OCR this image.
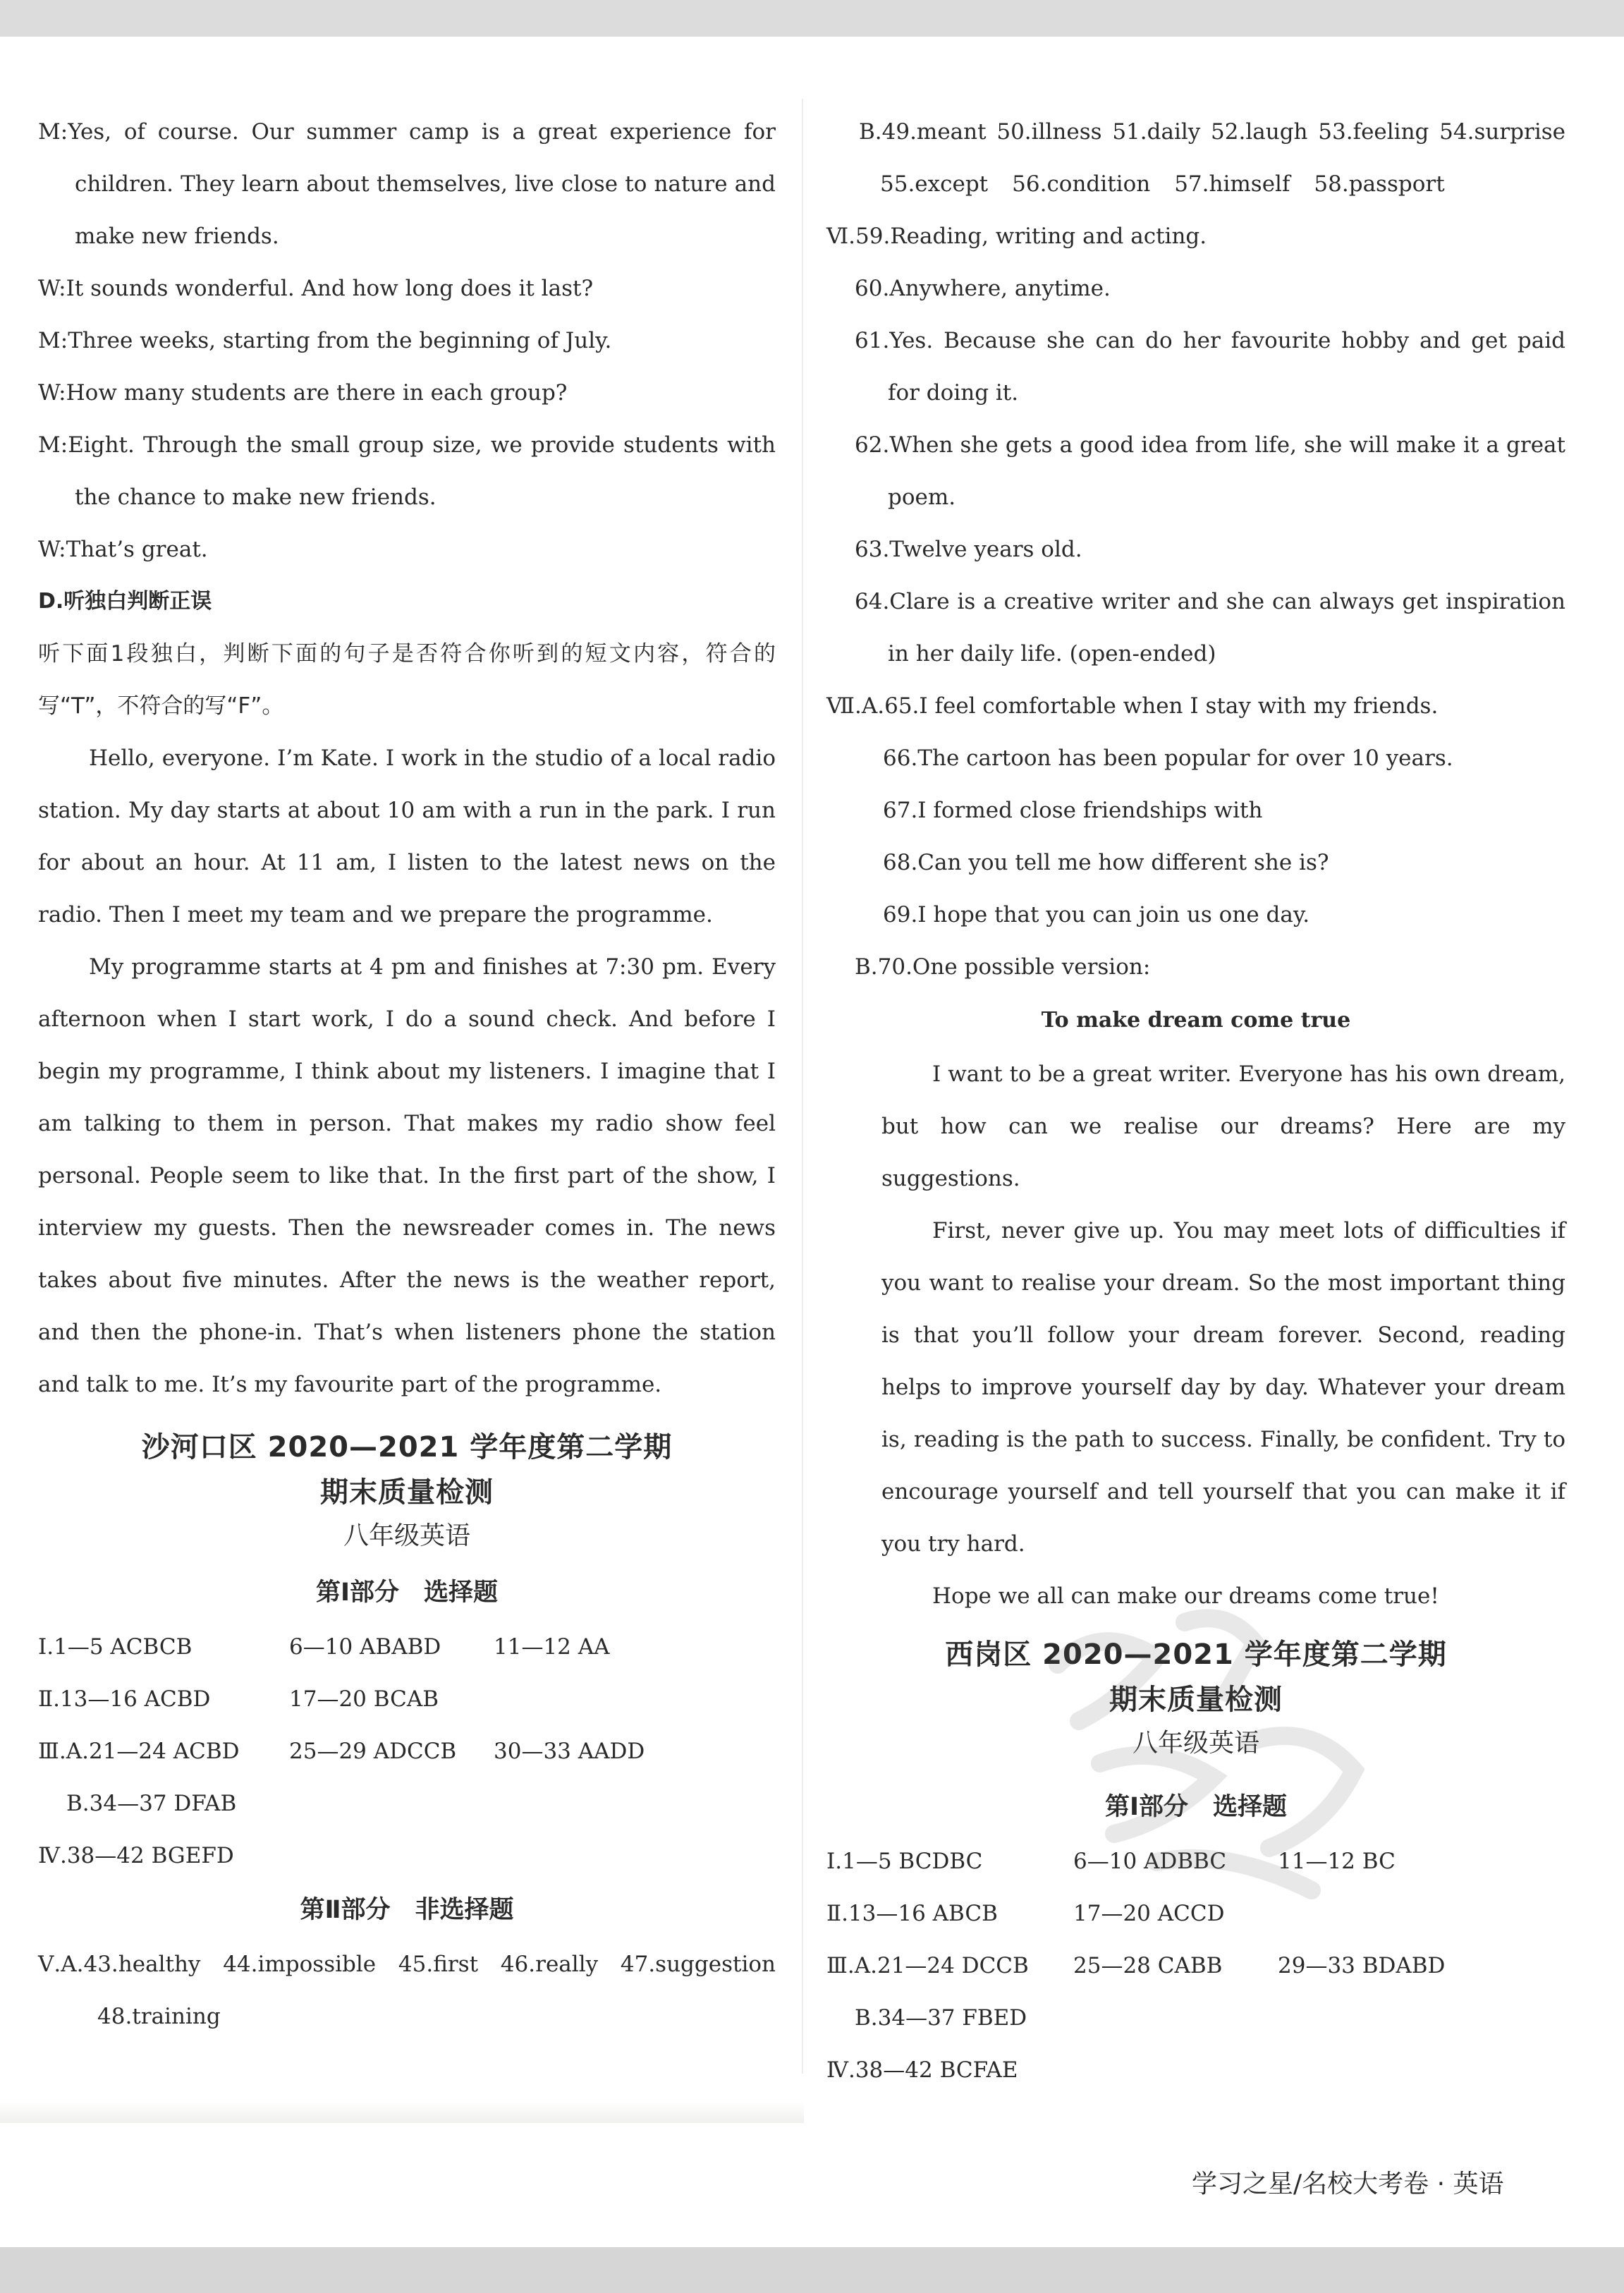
M:Yes, of course. Our summer camp is a great experience for children. They learn about themselves, live close to nature and make new friends.
W:It sounds wonderful. And how long does it last?
M:Three weeks, starting from the beginning of July.
W:How many students are there in each group?
M:Eight. Through the small group size, we provide students with the chance to make new friends.
W:That’s great.
D.听独白判断正误
听下面1段独白，判断下面的句子是否符合你听到的短文内容，符合的写“T”，不符合的写“F”。
Hello, everyone. I’m Kate. I work in the studio of a local radio station. My day starts at about 10 am with a run in the park. I run for about an hour. At 11 am, I listen to the latest news on the radio. Then I meet my team and we prepare the programme.
My programme starts at 4 pm and finishes at 7:30 pm. Every afternoon when I start work, I do a sound check. And before I begin my programme, I think about my listeners. I imagine that I am talking to them in person. That makes my radio show feel personal. People seem to like that. In the first part of the show, I interview my guests. Then the newsreader comes in. The news takes about five minutes. After the news is the weather report, and then the phone-in. That’s when listeners phone the station and talk to me. It’s my favourite part of the programme.
沙河口区 2020—2021 学年度第二学期
期末质量检测
八年级英语
第Ⅰ部分　选择题
Ⅰ.1—5 ACBCB	6—10 ABABD	11—12 AA
Ⅱ.13—16 ACBD	17—20 BCAB
Ⅲ.A.21—24 ACBD	25—29 ADCCB	30—33 AADD
B.34—37 DFAB
Ⅳ.38—42 BGEFD
第Ⅱ部分　非选择题
Ⅴ.A.43.healthy 44.impossible 45.first 46.really 47.suggestion
48.training
B.49.meant 50.illness 51.daily 52.laugh 53.feeling 54.surprise
55.except 56.condition 57.himself 58.passport
Ⅵ.59.Reading, writing and acting.
60.Anywhere, anytime.
61.Yes. Because she can do her favourite hobby and get paid for doing it.
62.When she gets a good idea from life, she will make it a great poem.
63.Twelve years old.
64.Clare is a creative writer and she can always get inspiration in her daily life. (open-ended)
Ⅶ.A.65.I feel comfortable when I stay with my friends.
66.The cartoon has been popular for over 10 years.
67.I formed close friendships with
68.Can you tell me how different she is?
69.I hope that you can join us one day.
B.70.One possible version:
To make dream come true
I want to be a great writer. Everyone has his own dream, but how can we realise our dreams? Here are my suggestions.
First, never give up. You may meet lots of difficulties if you want to realise your dream. So the most important thing is that you’ll follow your dream forever. Second, reading helps to improve yourself day by day. Whatever your dream is, reading is the path to success. Finally, be confident. Try to encourage yourself and tell yourself that you can make it if you try hard.
Hope we all can make our dreams come true!
西岗区 2020—2021 学年度第二学期
期末质量检测
八年级英语
第Ⅰ部分　选择题
Ⅰ.1—5 BCDBC	6—10 ADBBC	11—12 BC
Ⅱ.13—16 ABCB	17—20 ACCD
Ⅲ.A.21—24 DCCB	25—28 CABB	29—33 BDABD
B.34—37 FBED
Ⅳ.38—42 BCFAE
学习之星/名校大考卷 · 英语
